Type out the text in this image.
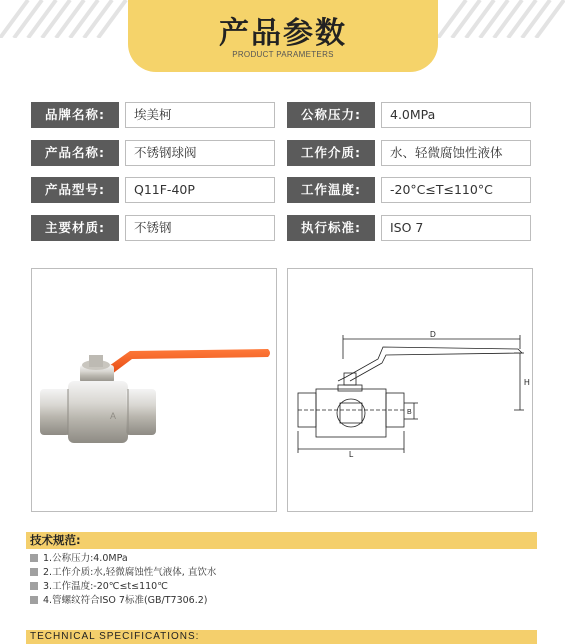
产品参数
PRODUCT PARAMETERS
品牌名称:	埃美柯	公称压力:	4.0MPa
产品名称:	不锈钢球阀	工作介质:	水、轻微腐蚀性液体
产品型号:	Q11F-40P	工作温度:	-20°C≤T≤110°C
主要材质:	不锈钢	执行标准:	ISO 7
A
D
H
B
L
技术规范:
1.公称压力:4.0MPa
2.工作介质:水,轻微腐蚀性气液体, 直饮水
3.工作温度:-20℃≤t≤110℃
4.管螺纹符合ISO 7标准(GB/T7306.2)
TECHNICAL SPECIFICATIONS:
